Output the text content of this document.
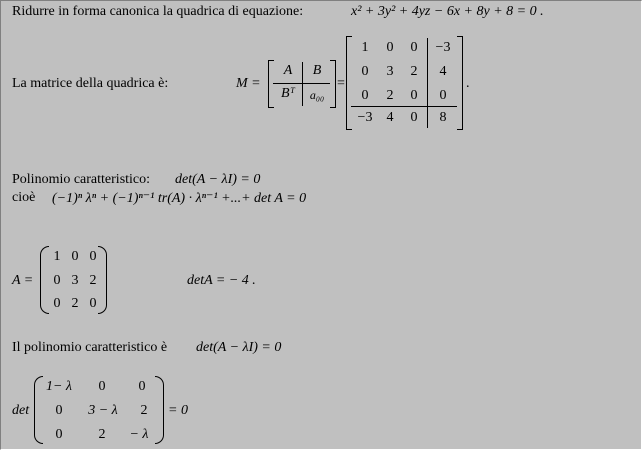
Ridurre in forma canonica la quadrica di equazione:	x² + 3y² + 4yz − 6x + 8y + 8 = 0 .
La matrice della quadrica è:	M =
A	B
Bᵀ	a₀₀
=
1	0	0	−3
0	3	2	4
0	2	0	0
−3	4	0	8
.
Polinomio caratteristico: det(A − λI) = 0
cioè (−1)ⁿ λⁿ + (−1)ⁿ⁻¹ tr(A) · λⁿ⁻¹ +...+ det A = 0
A =
1 0 0
0 3 2
0 2 0
detA = − 4 .
Il polinomio caratteristico è det(A − λI) = 0
det
1− λ	0	0
0	3 − λ	2
0	2	− λ
= 0
